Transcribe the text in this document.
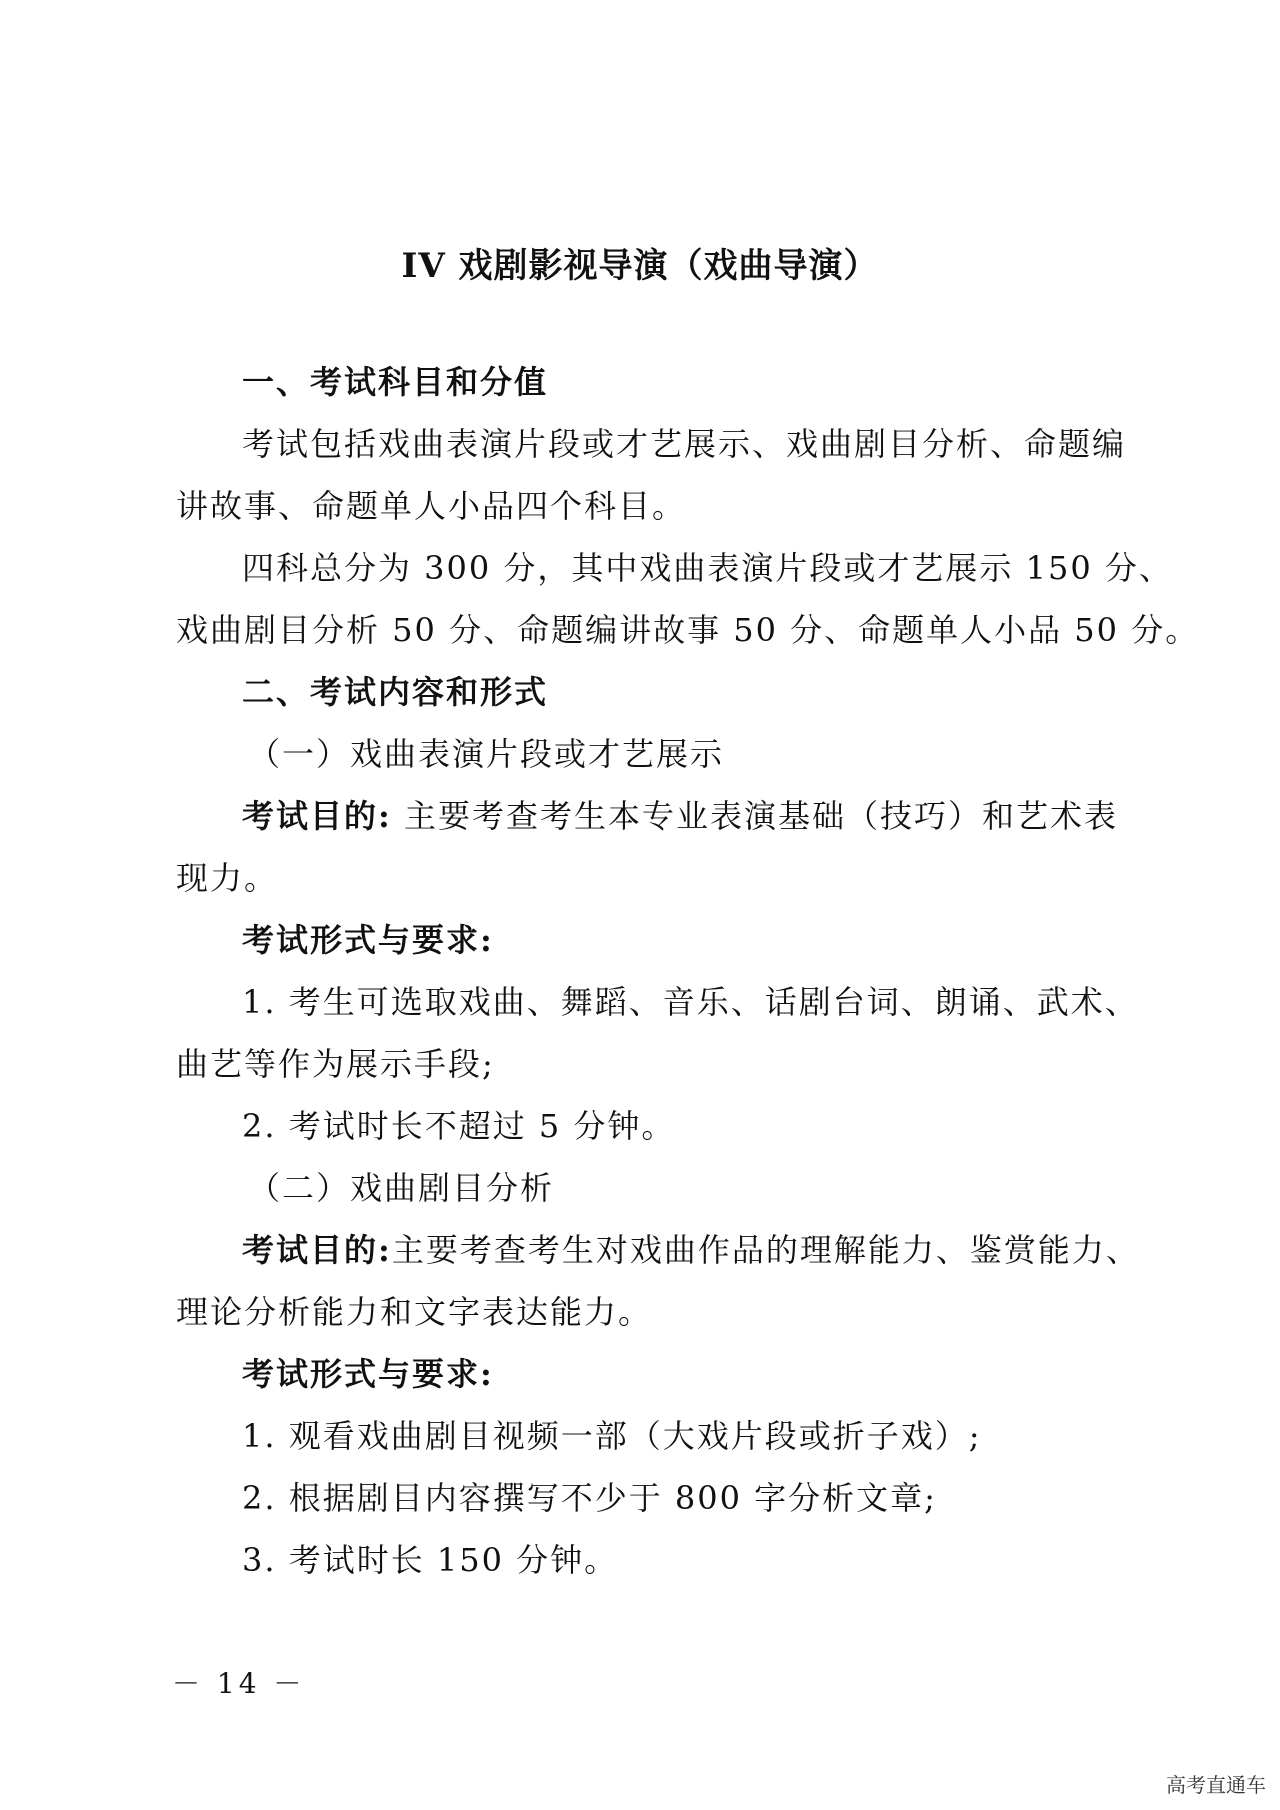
IV 戏剧影视导演（戏曲导演）
一、考试科目和分值
考试包括戏曲表演片段或才艺展示、戏曲剧目分析、命题编
讲故事、命题单人小品四个科目。
四科总分为 300 分，其中戏曲表演片段或才艺展示 150 分、
戏曲剧目分析 50 分、命题编讲故事 50 分、命题单人小品 50 分。
二、考试内容和形式
（一）戏曲表演片段或才艺展示
考试目的: 主要考查考生本专业表演基础（技巧）和艺术表
现力。
考试形式与要求:
1. 考生可选取戏曲、舞蹈、音乐、话剧台词、朗诵、武术、
曲艺等作为展示手段;
2. 考试时长不超过 5 分钟。
（二）戏曲剧目分析
考试目的:主要考查考生对戏曲作品的理解能力、鉴赏能力、
理论分析能力和文字表达能力。
考试形式与要求:
1. 观看戏曲剧目视频一部（大戏片段或折子戏）;
2. 根据剧目内容撰写不少于 800 字分析文章;
3. 考试时长 150 分钟。
－ 14 －
高考直通车
